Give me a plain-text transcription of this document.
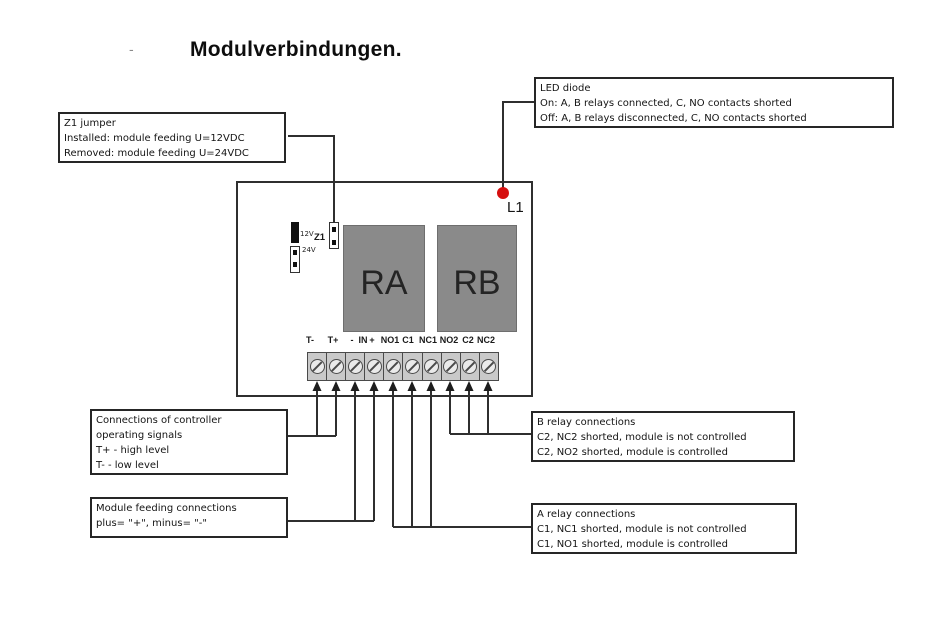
-	Modulverbindungen.
Z1 jumper
Installed: module feeding U=12VDC
Removed: module feeding U=24VDC
LED diode
On: A, B relays connected, C, NO contacts shorted
Off: A, B relays disconnected, C, NO contacts shorted
Connections of controller
operating signals
T+ - high level
T- - low level
Module feeding connections
plus= "+", minus= "-"
B relay connections
C2, NC2 shorted, module is not controlled
C2, NO2 shorted, module is controlled
A relay connections
C1, NC1 shorted, module is not controlled
C1, NO1 shorted, module is controlled
12V
24V
Z1
RA RB
L1
T- T+ - IN + NO1 C1 NC1 NO2 C2 NC2
